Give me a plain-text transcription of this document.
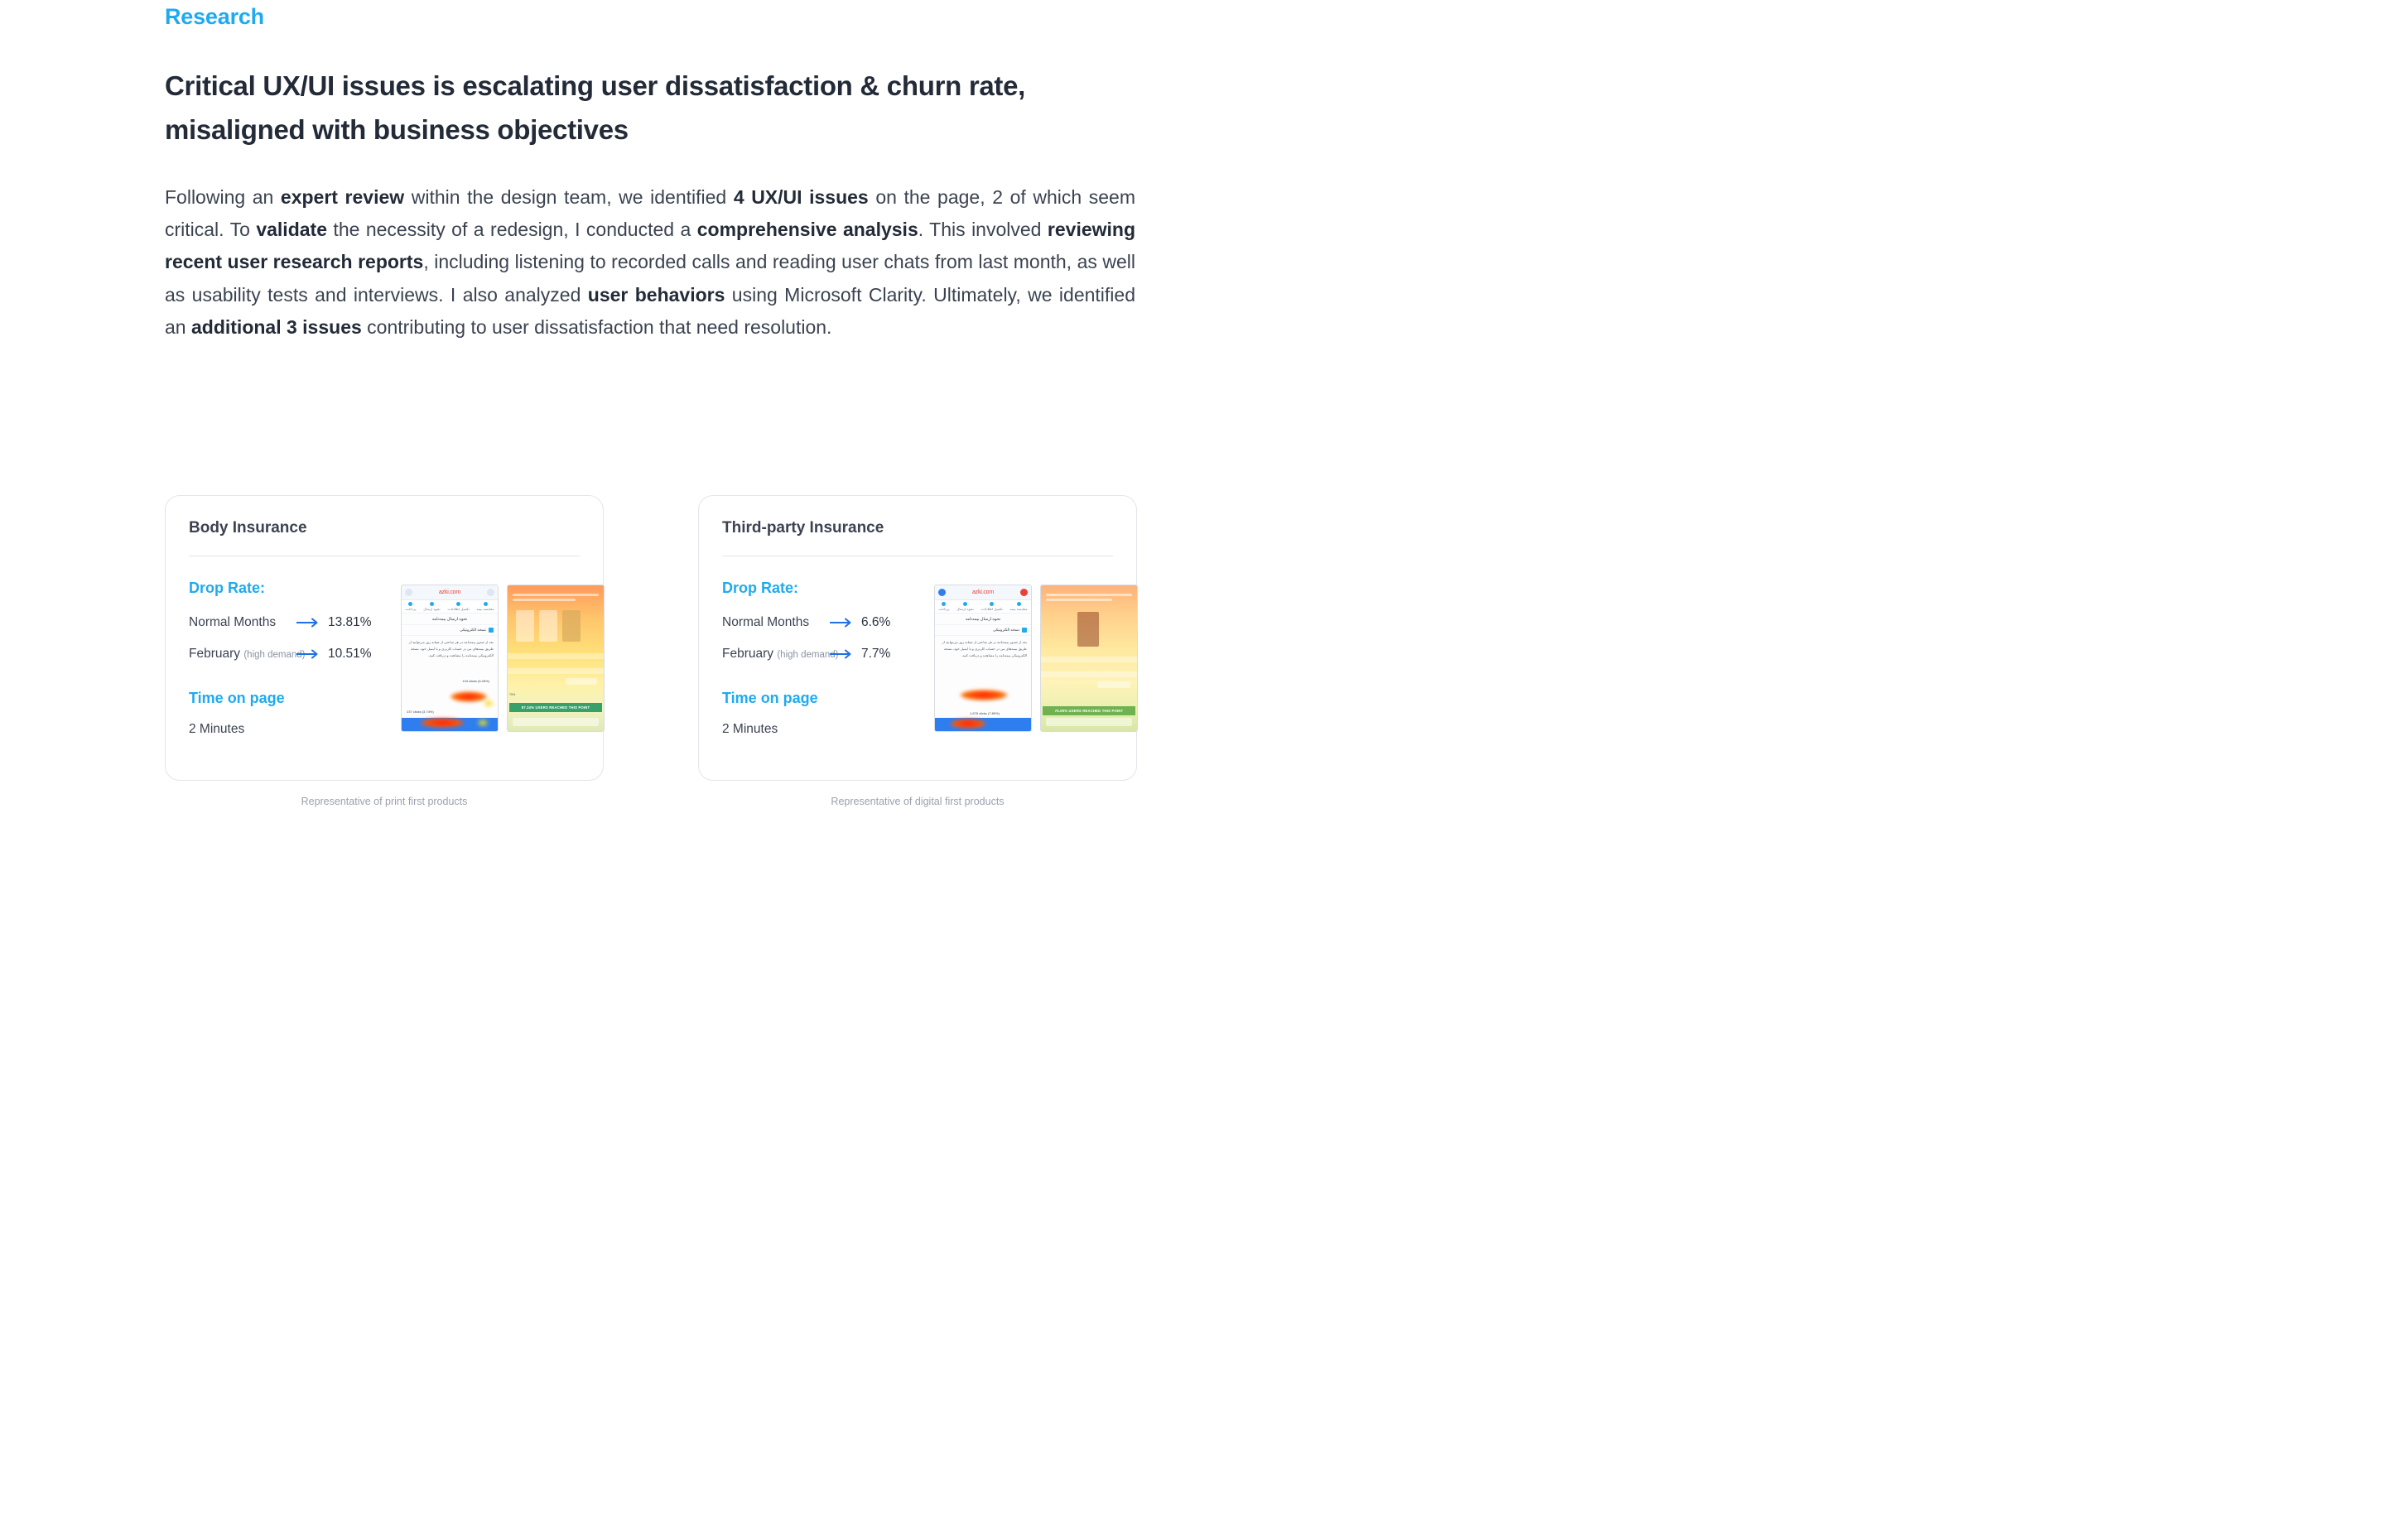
Research
Critical UX/UI issues is escalating user dissatisfaction & churn rate, misaligned with business objectives

Following an expert review within the design team, we identified 4 UX/UI issues on the page, 2 of which seem critical. To validate the necessity of a redesign, I conducted a comprehensive analysis. This involved reviewing recent user research reports, including listening to recorded calls and reading user chats from last month, as well as usability tests and interviews. I also analyzed user behaviors using Microsoft Clarity. Ultimately, we identified an additional 3 issues contributing to user dissatisfaction that need resolution.

Body Insurance
Drop Rate:
Normal Months	13.81%
February (high demand) 10.51%
Time on page
2 Minutes
azki.com
پرداخت نحوه ارسال تکمیل اطلاعات مقایسه بیمه
نحوه ارسال بیمه‌نامه
نسخه الکترونیکی
بعد از صدور بیمه‌نامه در هر ساعتی از شبانه روز می‌توانید از طریق بیمه‌های من در حساب کاربری و یا ایمیل خود، نسخه الکترونیکی بیمه‌نامه را مشاهده و دریافت کنید.
134 clicks (5.28%)
237 clicks (3.74%)
75%
87.34% USERS REACHED THIS POINT
Representative of print first products
Third-party Insurance
Drop Rate:
Normal Months	6.6%
February (high demand) 7.7%
Time on page
2 Minutes
azki.com
پرداخت نحوه ارسال تکمیل اطلاعات مقایسه بیمه
نحوه ارسال بیمه‌نامه
نسخه الکترونیکی
بعد از صدور بیمه‌نامه در هر ساعتی از شبانه روز می‌توانید از طریق بیمه‌های من در حساب کاربری و یا ایمیل خود، نسخه الکترونیکی بیمه‌نامه را مشاهده و دریافت کنید.
1,678 clicks (7.89%)
76.09% USERS REACHED THIS POINT
Representative of digital first products
